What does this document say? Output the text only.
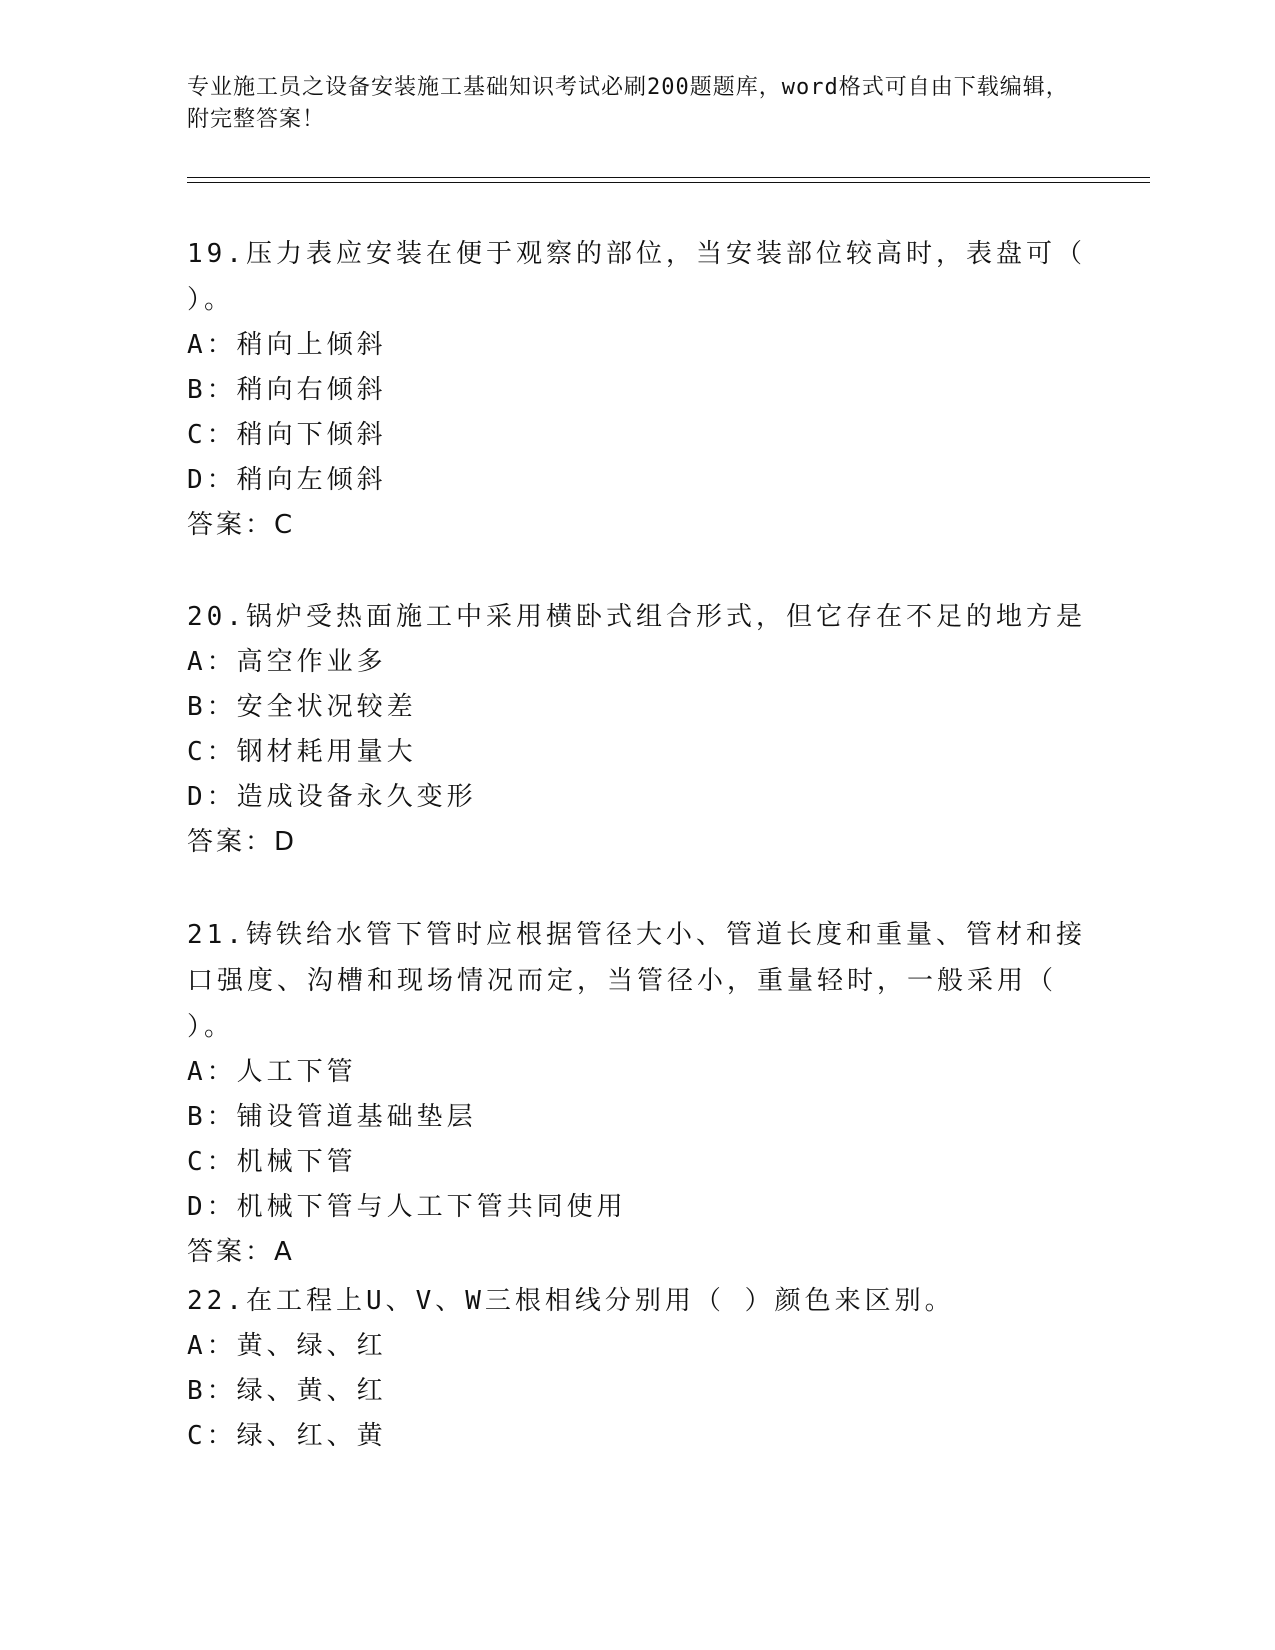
专业施工员之设备安装施工基础知识考试必刷200题题库，word格式可自由下载编辑，附完整答案！
19.压力表应安装在便于观察的部位，当安装部位较高时，表盘可（ ）。
A：稍向上倾斜
B：稍向右倾斜
C：稍向下倾斜
D：稍向左倾斜
答案：C
20.锅炉受热面施工中采用横卧式组合形式，但它存在不足的地方是
A：高空作业多
B：安全状况较差
C：钢材耗用量大
D：造成设备永久变形
答案：D
21.铸铁给水管下管时应根据管径大小、管道长度和重量、管材和接口强度、沟槽和现场情况而定，当管径小，重量轻时，一般采用（ ）。
A：人工下管
B：铺设管道基础垫层
C：机械下管
D：机械下管与人工下管共同使用
答案：A
22.在工程上U、V、W三根相线分别用（ ）颜色来区别。
A：黄、绿、红
B：绿、黄、红
C：绿、红、黄
